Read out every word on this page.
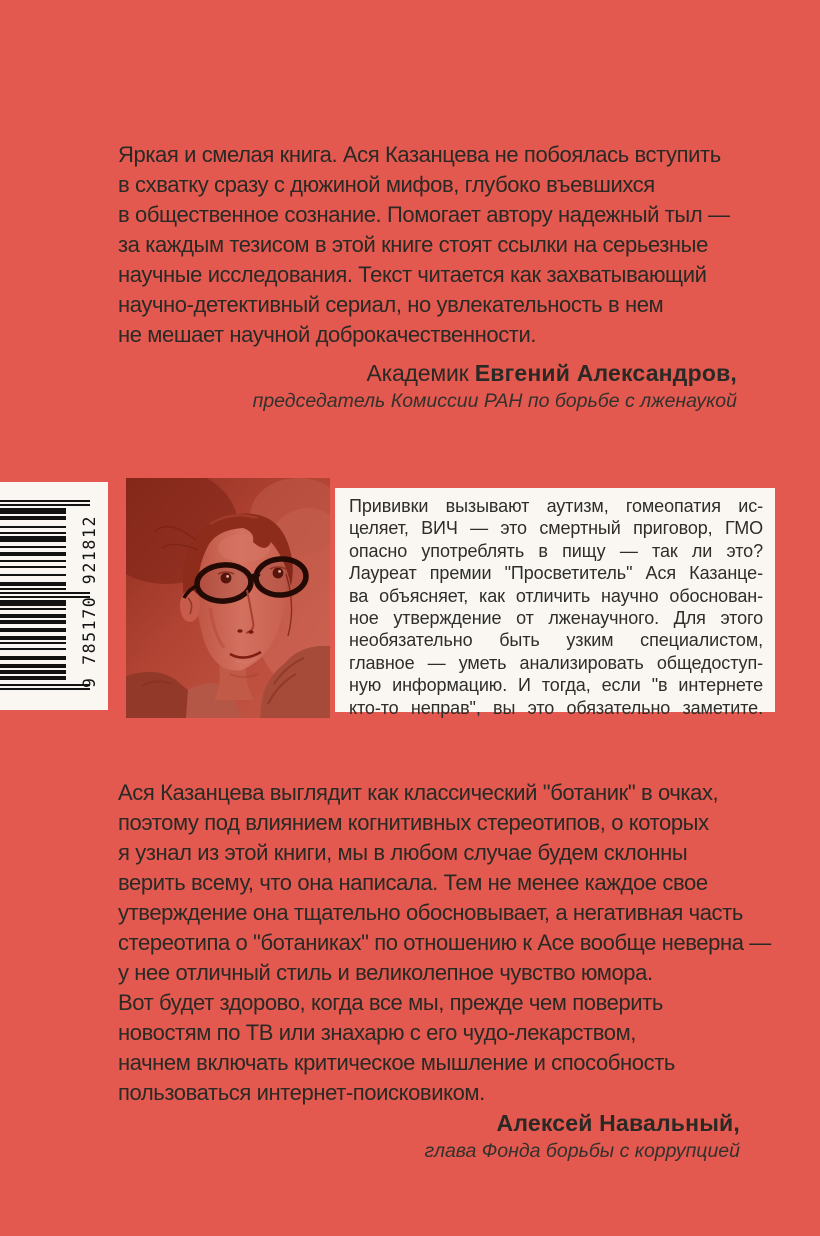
Яркая и смелая книга. Ася Казанцева не побоялась вступить
в схватку сразу с дюжиной мифов, глубоко въевшихся
в общественное сознание. Помогает автору надежный тыл —
за каждым тезисом в этой книге стоят ссылки на серьезные
научные исследования. Текст читается как захватывающий
научно-детективный сериал, но увлекательность в нем
не мешает научной доброкачественности.
Академик Евгений Александров,
председатель Комиссии РАН по борьбе с лженаукой
9 785170 921812
Прививки вызывают аутизм, гомеопатия ис-
целяет, ВИЧ — это смертный приговор, ГМО
опасно употреблять в пищу — так ли это?
Лауреат премии "Просветитель" Ася Казанце-
ва объясняет, как отличить научно обоснован-
ное утверждение от лженаучного. Для этого
необязательно быть узким специалистом,
главное — уметь анализировать общедоступ-
ную информацию. И тогда, если "в интернете
кто-то неправ", вы это обязательно заметите.
Ася Казанцева выглядит как классический "ботаник" в очках,
поэтому под влиянием когнитивных стереотипов, о которых
я узнал из этой книги, мы в любом случае будем склонны
верить всему, что она написала. Тем не менее каждое свое
утверждение она тщательно обосновывает, а негативная часть
стереотипа о "ботаниках" по отношению к Асе вообще неверна —
у нее отличный стиль и великолепное чувство юмора.
Вот будет здорово, когда все мы, прежде чем поверить
новостям по ТВ или знахарю с его чудо-лекарством,
начнем включать критическое мышление и способность
пользоваться интернет-поисковиком.
Алексей Навальный,
глава Фонда борьбы с коррупцией
